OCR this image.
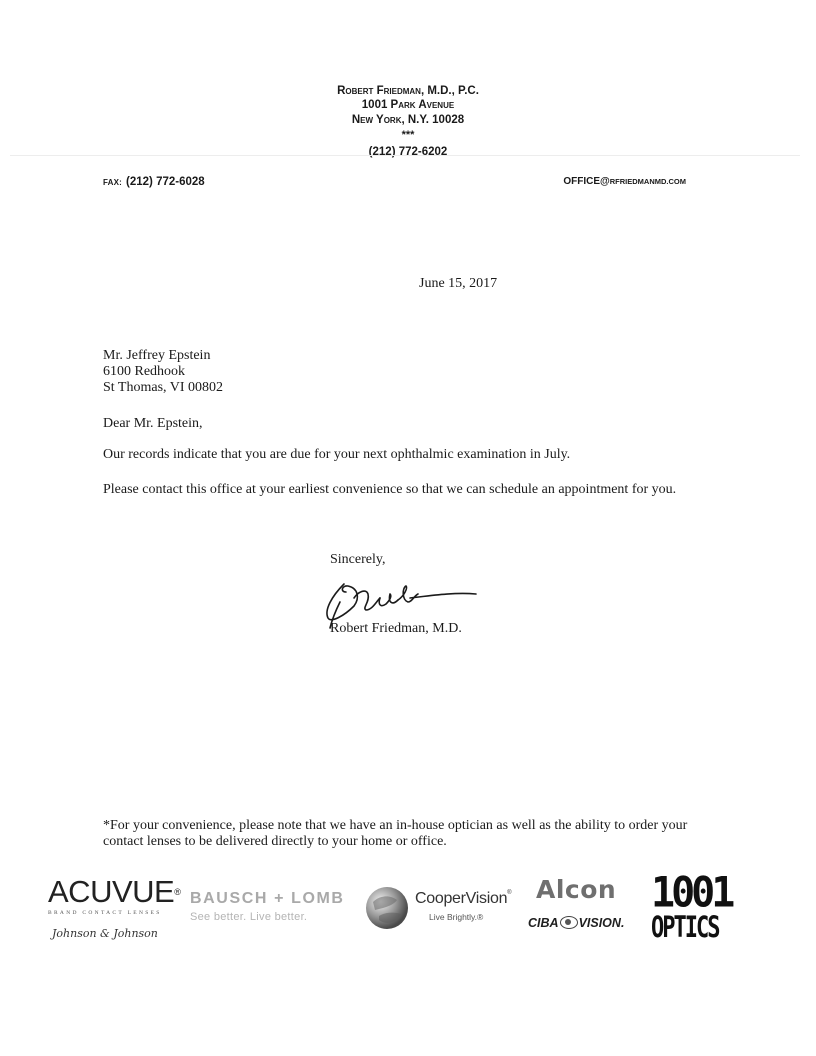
Robert Friedman, M.D., P.C.
1001 Park Avenue
New York, N.Y. 10028
***
(212) 772-6202
FAX: (212) 772-6028	OFFICE@RFRIEDMANMD.COM
June 15, 2017
Mr. Jeffrey Epstein
6100 Redhook
St Thomas, VI 00802
Dear Mr. Epstein,
Our records indicate that you are due for your next ophthalmic examination in July.
Please contact this office at your earliest convenience so that we can schedule an appointment for you.
Sincerely,
Robert Friedman, M.D.
*For your convenience, please note that we have an in-house optician as well as the ability to order your contact lenses to be delivered directly to your home or office.
ACUVUE®
BRAND CONTACT LENSES
Johnson & Johnson
BAUSCH + LOMB
See better. Live better.
CooperVision®
Live Brightly.®
Alcon
CIBA VISION.
1001
OPTICS
